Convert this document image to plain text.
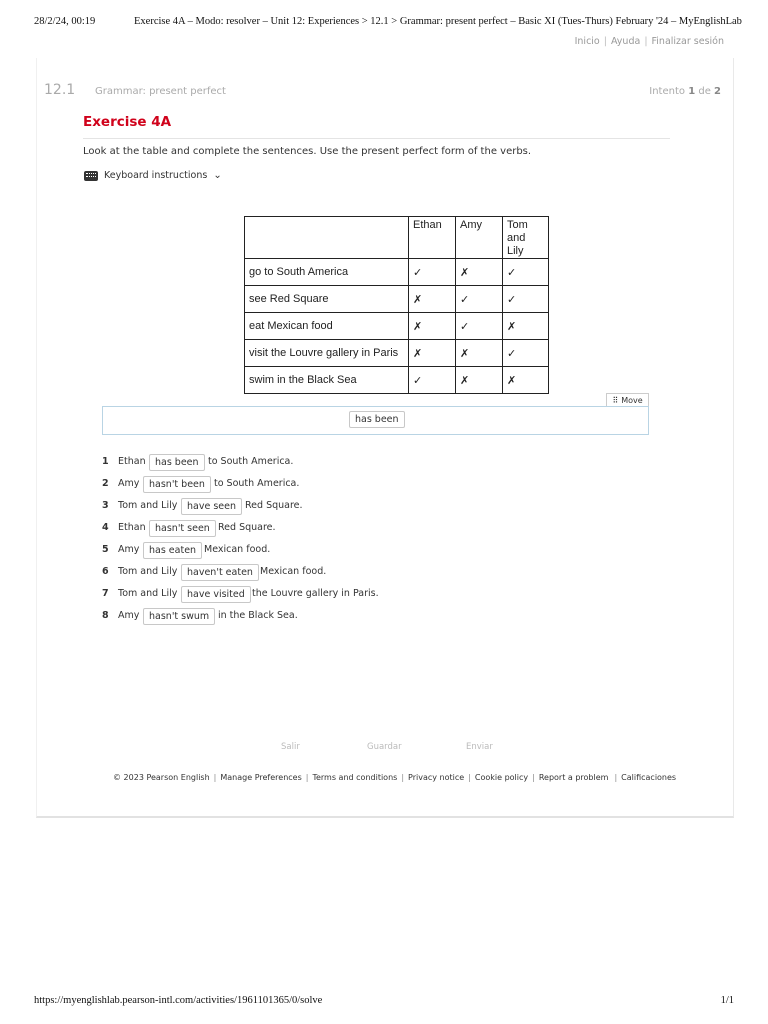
28/2/24, 00:19	Exercise 4A – Modo: resolver – Unit 12: Experiences > 12.1 > Grammar: present perfect – Basic XI (Tues-Thurs) February '24 – MyEnglishLab
Inicio | Ayuda | Finalizar sesión
12.1 Grammar: present perfect	Intento 1 de 2
Exercise 4A
Look at the table and complete the sentences. Use the present perfect form of the verbs.
Keyboard instructions ⌄
	Ethan	Amy	Tom and Lily
go to South America	✓	✗	✓
see Red Square	✗	✓	✓
eat Mexican food	✗	✓	✗
visit the Louvre gallery in Paris	✗	✗	✓
swim in the Black Sea	✓	✗	✗
⠿ Move
has been
1 Ethan has been to South America.
2 Amy	hasn't been to South America.
3 Tom and Lily	have seen Red Square.
4 Ethan hasn't seen Red Square.
5 Amy	has eaten Mexican food.
6 Tom and Lily	haven't eaten Mexican food.
7 Tom and Lily	have visited the Louvre gallery in Paris.
8 Amy	hasn't swum in the Black Sea.
Salir	Guardar	Enviar
© 2023 Pearson English | Manage Preferences | Terms and conditions | Privacy notice | Cookie policy | Report a problem | Calificaciones
https://myenglishlab.pearson-intl.com/activities/1961101365/0/solve	1/1
